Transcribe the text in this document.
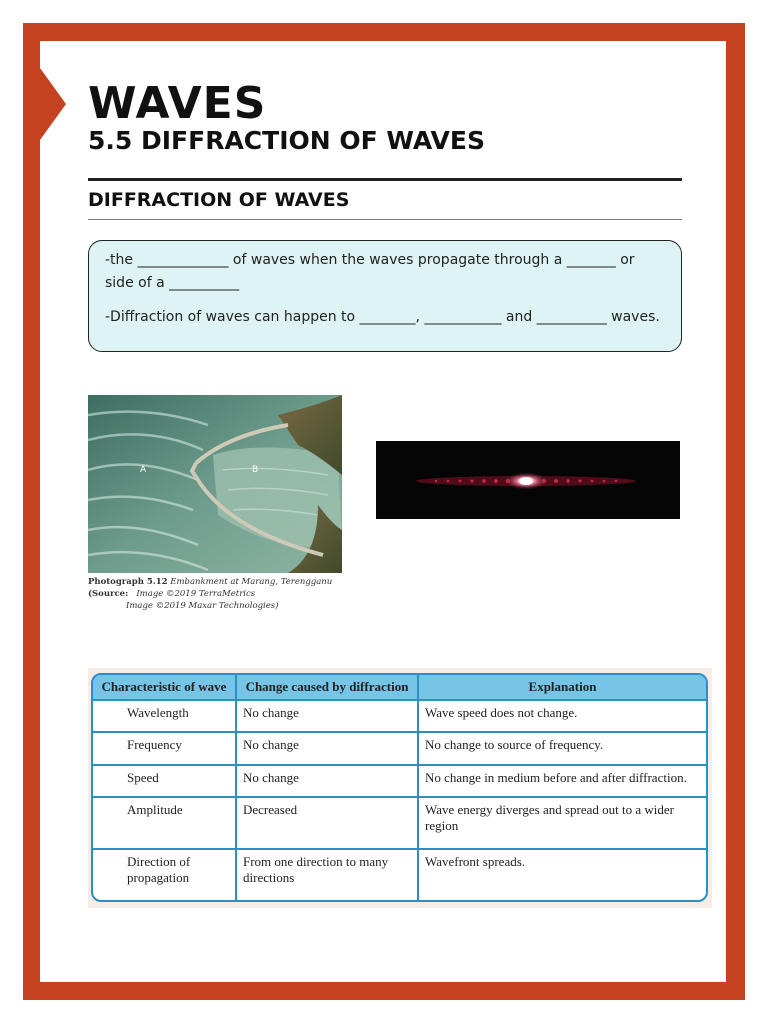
WAVES
5.5 DIFFRACTION OF WAVES
DIFFRACTION OF WAVES

-the _____________ of waves when the waves propagate through a _______ or side of a __________

-Diffraction of waves can happen to ________, ___________ and __________ waves.

A	B
Photograph 5.12 Embankment at Marang, Terengganu
(Source: Image ©2019 TerraMetrics
Image ©2019 Maxar Technologies)
Characteristic of wave	Change caused by diffraction	Explanation
Wavelength	No change	Wave speed does not change.
Frequency	No change	No change to source of frequency.
Speed	No change	No change in medium before and after diffraction.
Amplitude	Decreased	Wave energy diverges and spread out to a wider region
Direction of propagation	From one direction to many directions	Wavefront spreads.
